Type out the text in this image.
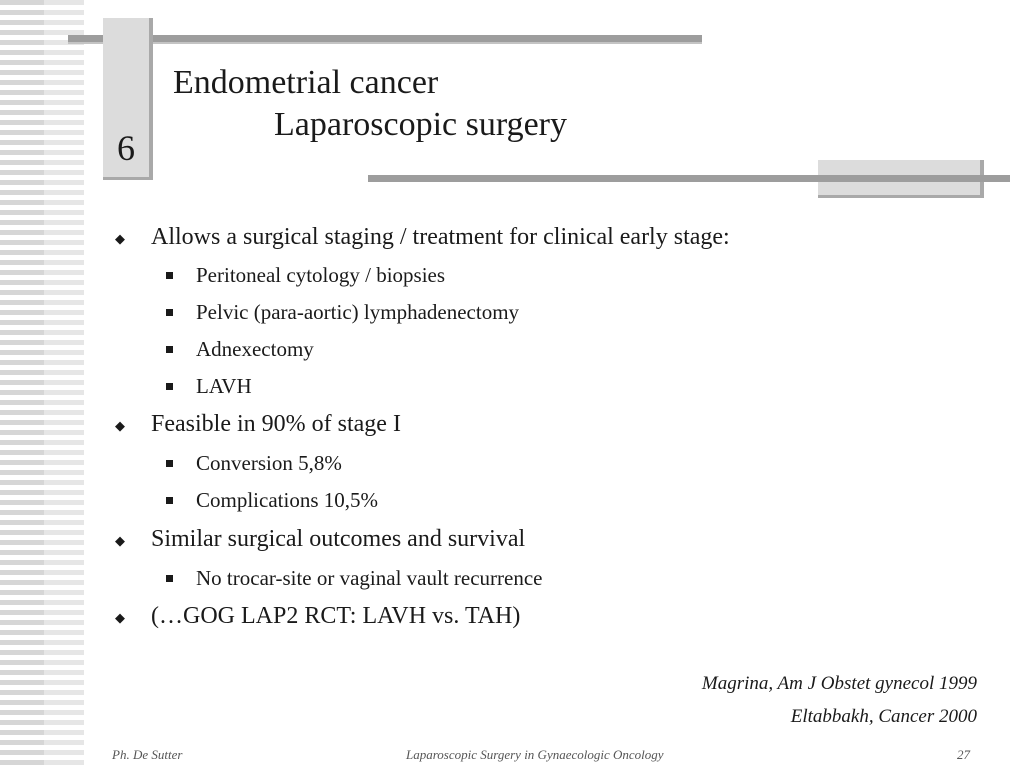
6
Endometrial cancer
Laparoscopic surgery
◆ Allows a surgical staging / treatment for clinical early stage:
Peritoneal cytology / biopsies
Pelvic (para-aortic) lymphadenectomy
Adnexectomy
LAVH
◆ Feasible in 90% of stage I
Conversion 5,8%
Complications 10,5%
◆ Similar surgical outcomes and survival
No trocar-site or vaginal vault recurrence
◆ (…GOG LAP2 RCT: LAVH vs. TAH)
Magrina, Am J Obstet gynecol 1999
Eltabbakh, Cancer 2000
Ph. De Sutter	Laparoscopic Surgery in Gynaecologic Oncology	27
